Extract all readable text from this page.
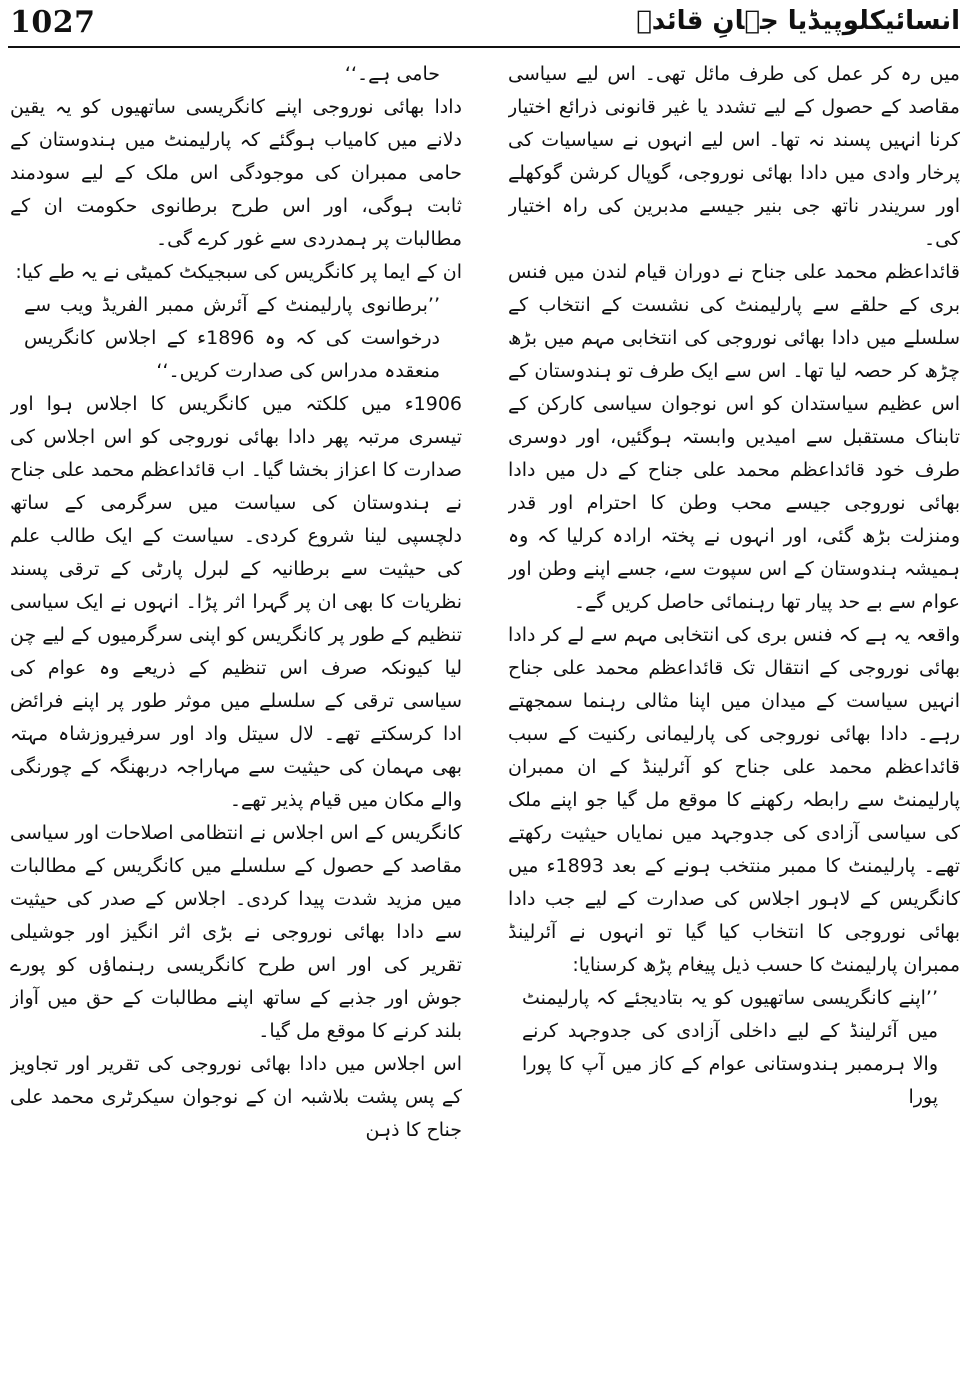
1027	انسائیکلوپیڈیا جہانِ قائدؒ

میں رہ کر عمل کی طرف مائل تھی۔ اس لیے سیاسی مقاصد کے حصول کے لیے تشدد یا غیر قانونی ذرائع اختیار کرنا انہیں پسند نہ تھا۔ اس لیے انہوں نے سیاسیات کی پرخار وادی میں دادا بھائی نوروجی، گوپال کرشن گوکھلے اور سریندر ناتھ جی بنیر جیسے مدبرین کی راہ اختیار کی۔

قائداعظم محمد علی جناح نے دوران قیام لندن میں فنس بری کے حلقے سے پارلیمنٹ کی نشست کے انتخاب کے سلسلے میں دادا بھائی نوروجی کی انتخابی مہم میں بڑھ چڑھ کر حصہ لیا تھا۔ اس سے ایک طرف تو ہندوستان کے اس عظیم سیاستدان کو اس نوجوان سیاسی کارکن کے تابناک مستقبل سے امیدیں وابستہ ہوگئیں، اور دوسری طرف خود قائداعظم محمد علی جناح کے دل میں دادا بھائی نوروجی جیسے محب وطن کا احترام اور قدر ومنزلت بڑھ گئی، اور انہوں نے پختہ ارادہ کرلیا کہ وہ ہمیشہ ہندوستان کے اس سپوت سے، جسے اپنے وطن اور عوام سے بے حد پیار تھا رہنمائی حاصل کریں گے۔

واقعہ یہ ہے کہ فنس بری کی انتخابی مہم سے لے کر دادا بھائی نوروجی کے انتقال تک قائداعظم محمد علی جناح انہیں سیاست کے میدان میں اپنا مثالی رہنما سمجھتے رہے۔ دادا بھائی نوروجی کی پارلیمانی رکنیت کے سبب قائداعظم محمد علی جناح کو آئرلینڈ کے ان ممبران پارلیمنٹ سے رابطہ رکھنے کا موقع مل گیا جو اپنے ملک کی سیاسی آزادی کی جدوجہد میں نمایاں حیثیت رکھتے تھے۔ پارلیمنٹ کا ممبر منتخب ہونے کے بعد 1893ء میں کانگریس کے لاہور اجلاس کی صدارت کے لیے جب دادا بھائی نوروجی کا انتخاب کیا گیا تو انہوں نے آئرلینڈ ممبران پارلیمنٹ کا حسب ذیل پیغام پڑھ کرسنایا:

’’اپنے کانگریسی ساتھیوں کو یہ بتادیجئے کہ پارلیمنٹ میں آئرلینڈ کے لیے داخلی آزادی کی جدوجہد کرنے والا ہرممبر ہندوستانی عوام کے کاز میں آپ کا پورا پورا

حامی ہے۔‘‘

دادا بھائی نوروجی اپنے کانگریسی ساتھیوں کو یہ یقین دلانے میں کامیاب ہوگئے کہ پارلیمنٹ میں ہندوستان کے حامی ممبران کی موجودگی اس ملک کے لیے سودمند ثابت ہوگی، اور اس طرح برطانوی حکومت ان کے مطالبات پر ہمدردی سے غور کرے گی۔

ان کے ایما پر کانگریس کی سبجیکٹ کمیٹی نے یہ طے کیا:

’’برطانوی پارلیمنٹ کے آئرش ممبر الفریڈ ویب سے درخواست کی کہ وہ 1896ء کے اجلاس کانگریس منعقدہ مدراس کی صدارت کریں۔‘‘

1906ء میں کلکتہ میں کانگریس کا اجلاس ہوا اور تیسری مرتبہ پھر دادا بھائی نوروجی کو اس اجلاس کی صدارت کا اعزاز بخشا گیا۔ اب قائداعظم محمد علی جناح نے ہندوستان کی سیاست میں سرگرمی کے ساتھ دلچسپی لینا شروع کردی۔ سیاست کے ایک طالب علم کی حیثیت سے برطانیہ کے لبرل پارٹی کے ترقی پسند نظریات کا بھی ان پر گہرا اثر پڑا۔ انہوں نے ایک سیاسی تنظیم کے طور پر کانگریس کو اپنی سرگرمیوں کے لیے چن لیا کیونکہ صرف اس تنظیم کے ذریعے وہ عوام کی سیاسی ترقی کے سلسلے میں موثر طور پر اپنے فرائض ادا کرسکتے تھے۔ لال سیتل واد اور سرفیروزشاہ مہتہ بھی مہمان کی حیثیت سے مہاراجہ دربھنگہ کے چورنگی والے مکان میں قیام پذیر تھے۔

کانگریس کے اس اجلاس نے انتظامی اصلاحات اور سیاسی مقاصد کے حصول کے سلسلے میں کانگریس کے مطالبات میں مزید شدت پیدا کردی۔ اجلاس کے صدر کی حیثیت سے دادا بھائی نوروجی نے بڑی اثر انگیز اور جوشیلی تقریر کی اور اس طرح کانگریسی رہنماؤں کو پورے جوش اور جذبے کے ساتھ اپنے مطالبات کے حق میں آواز بلند کرنے کا موقع مل گیا۔

اس اجلاس میں دادا بھائی نوروجی کی تقریر اور تجاویز کے پس پشت بلاشبہ ان کے نوجوان سیکرٹری محمد علی جناح کا ذہن
